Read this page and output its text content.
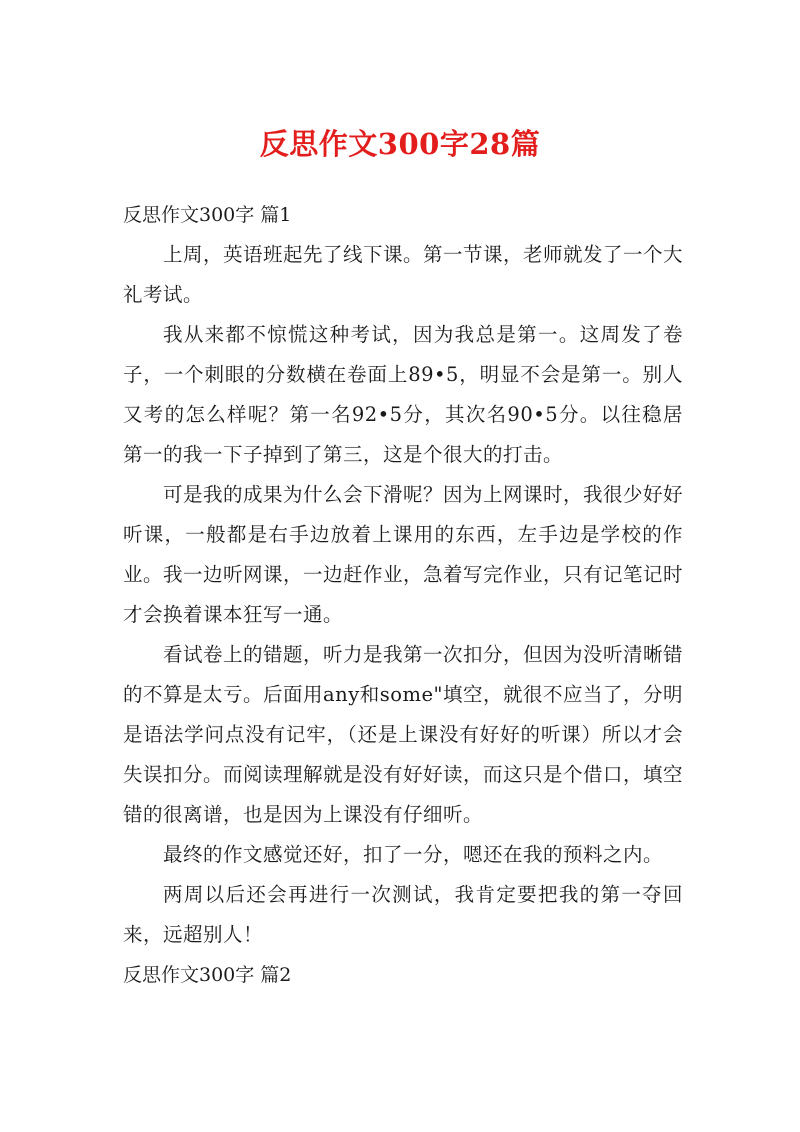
反思作文300字28篇
反思作文300字 篇1

上周，英语班起先了线下课。第一节课，老师就发了一个大礼考试。

我从来都不惊慌这种考试，因为我总是第一。这周发了卷子，一个刺眼的分数横在卷面上89•5，明显不会是第一。别人又考的怎么样呢？第一名92•5分，其次名90•5分。以往稳居第一的我一下子掉到了第三，这是个很大的打击。

可是我的成果为什么会下滑呢？因为上网课时，我很少好好听课，一般都是右手边放着上课用的东西，左手边是学校的作业。我一边听网课，一边赶作业，急着写完作业，只有记笔记时才会换着课本狂写一通。

看试卷上的错题，听力是我第一次扣分，但因为没听清晰错的不算是太亏。后面用any和some"填空，就很不应当了，分明是语法学问点没有记牢，（还是上课没有好好的听课）所以才会失误扣分。而阅读理解就是没有好好读，而这只是个借口，填空错的很离谱，也是因为上课没有仔细听。

最终的作文感觉还好，扣了一分，嗯还在我的预料之内。

两周以后还会再进行一次测试，我肯定要把我的第一夺回来，远超别人！

反思作文300字 篇2
